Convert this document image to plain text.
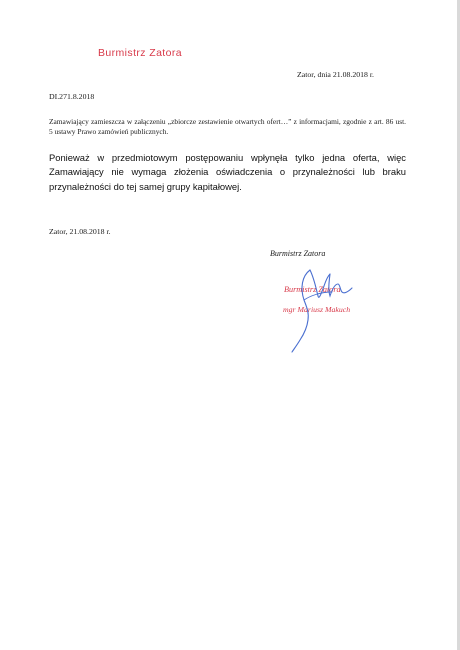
Burmistrz Zatora
Zator, dnia 21.08.2018 r.
DI.271.8.2018
Zamawiający zamieszcza w załączeniu „zbiorcze zestawienie otwartych ofert…” z informacjami, zgodnie z art. 86 ust. 5 ustawy Prawo zamówień publicznych.
Ponieważ w przedmiotowym postępowaniu wpłynęła tylko jedna oferta, więc Zamawiający nie wymaga złożenia oświadczenia o przynależności lub braku przynależności do tej samej grupy kapitałowej.
Zator, 21.08.2018 r.
Burmistrz Zatora
Burmistrz Zatora
mgr Mariusz Makuch
